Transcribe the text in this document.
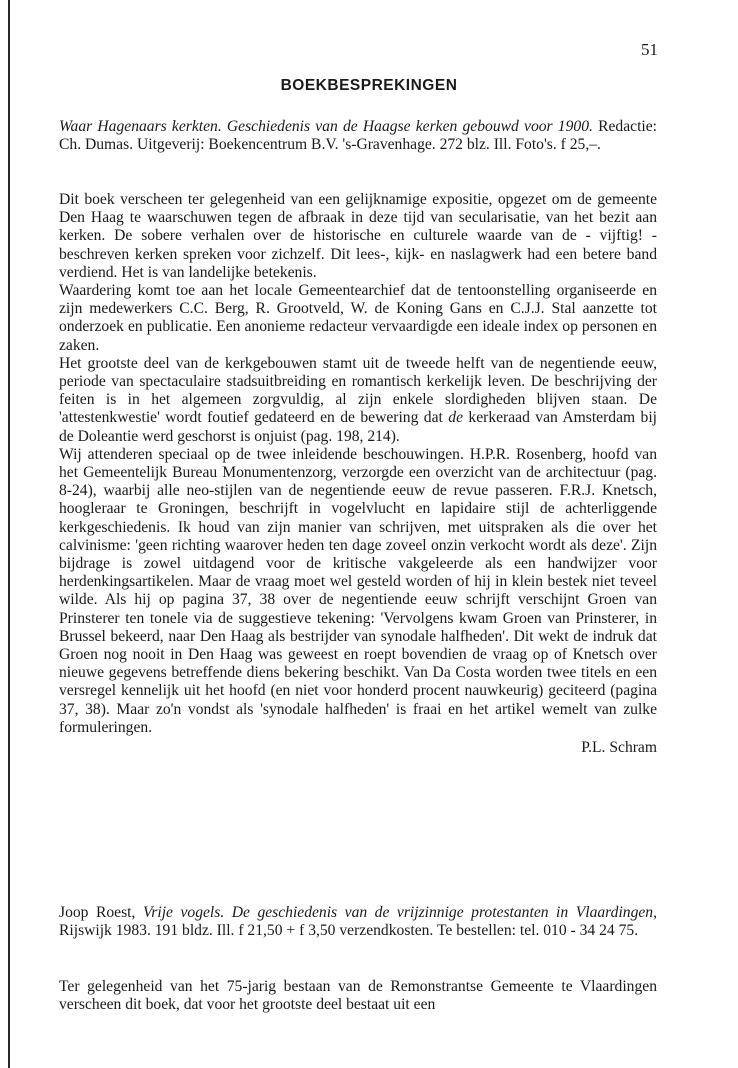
51
BOEKBESPREKINGEN

Waar Hagenaars kerkten. Geschiedenis van de Haagse kerken gebouwd voor 1900. Redactie: Ch. Dumas. Uitgeverij: Boekencentrum B.V. 's-Gravenhage. 272 blz. Ill. Foto's. f 25,–.

Dit boek verscheen ter gelegenheid van een gelijknamige expositie, opgezet om de gemeente Den Haag te waarschuwen tegen de afbraak in deze tijd van secularisatie, van het bezit aan kerken. De sobere verhalen over de historische en culturele waarde van de - vijftig! - beschreven kerken spreken voor zichzelf. Dit lees-, kijk- en naslagwerk had een betere band verdiend. Het is van landelijke betekenis.

Waardering komt toe aan het locale Gemeentearchief dat de tentoonstelling organiseerde en zijn medewerkers C.C. Berg, R. Grootveld, W. de Koning Gans en C.J.J. Stal aanzette tot onderzoek en publicatie. Een anonieme redacteur vervaardigde een ideale index op personen en zaken.

Het grootste deel van de kerkgebouwen stamt uit de tweede helft van de negentiende eeuw, periode van spectaculaire stadsuitbreiding en romantisch kerkelijk leven. De beschrijving der feiten is in het algemeen zorgvuldig, al zijn enkele slordigheden blijven staan. De 'attestenkwestie' wordt foutief gedateerd en de bewering dat de kerkeraad van Amsterdam bij de Doleantie werd geschorst is onjuist (pag. 198, 214).

Wij attenderen speciaal op de twee inleidende beschouwingen. H.P.R. Rosenberg, hoofd van het Gemeentelijk Bureau Monumentenzorg, verzorgde een overzicht van de architectuur (pag. 8-24), waarbij alle neo-stijlen van de negentiende eeuw de revue passeren. F.R.J. Knetsch, hoogleraar te Groningen, beschrijft in vogelvlucht en lapidaire stijl de achterliggende kerkgeschiedenis. Ik houd van zijn manier van schrijven, met uitspraken als die over het calvinisme: 'geen richting waarover heden ten dage zoveel onzin verkocht wordt als deze'. Zijn bijdrage is zowel uitdagend voor de kritische vakgeleerde als een handwijzer voor herdenkingsartikelen. Maar de vraag moet wel gesteld worden of hij in klein bestek niet teveel wilde. Als hij op pagina 37, 38 over de negentiende eeuw schrijft verschijnt Groen van Prinsterer ten tonele via de suggestieve tekening: 'Vervolgens kwam Groen van Prinsterer, in Brussel bekeerd, naar Den Haag als bestrijder van synodale halfheden'. Dit wekt de indruk dat Groen nog nooit in Den Haag was geweest en roept bovendien de vraag op of Knetsch over nieuwe gegevens betreffende diens bekering beschikt. Van Da Costa worden twee titels en een versregel kennelijk uit het hoofd (en niet voor honderd procent nauwkeurig) geciteerd (pagina 37, 38). Maar zo'n vondst als 'synodale halfheden' is fraai en het artikel wemelt van zulke formuleringen.

P.L. Schram

Joop Roest, Vrije vogels. De geschiedenis van de vrijzinnige protestanten in Vlaardingen, Rijswijk 1983. 191 bldz. Ill. f 21,50 + f 3,50 verzendkosten. Te bestellen: tel. 010 - 34 24 75.

Ter gelegenheid van het 75-jarig bestaan van de Remonstrantse Gemeente te Vlaardingen verscheen dit boek, dat voor het grootste deel bestaat uit een
